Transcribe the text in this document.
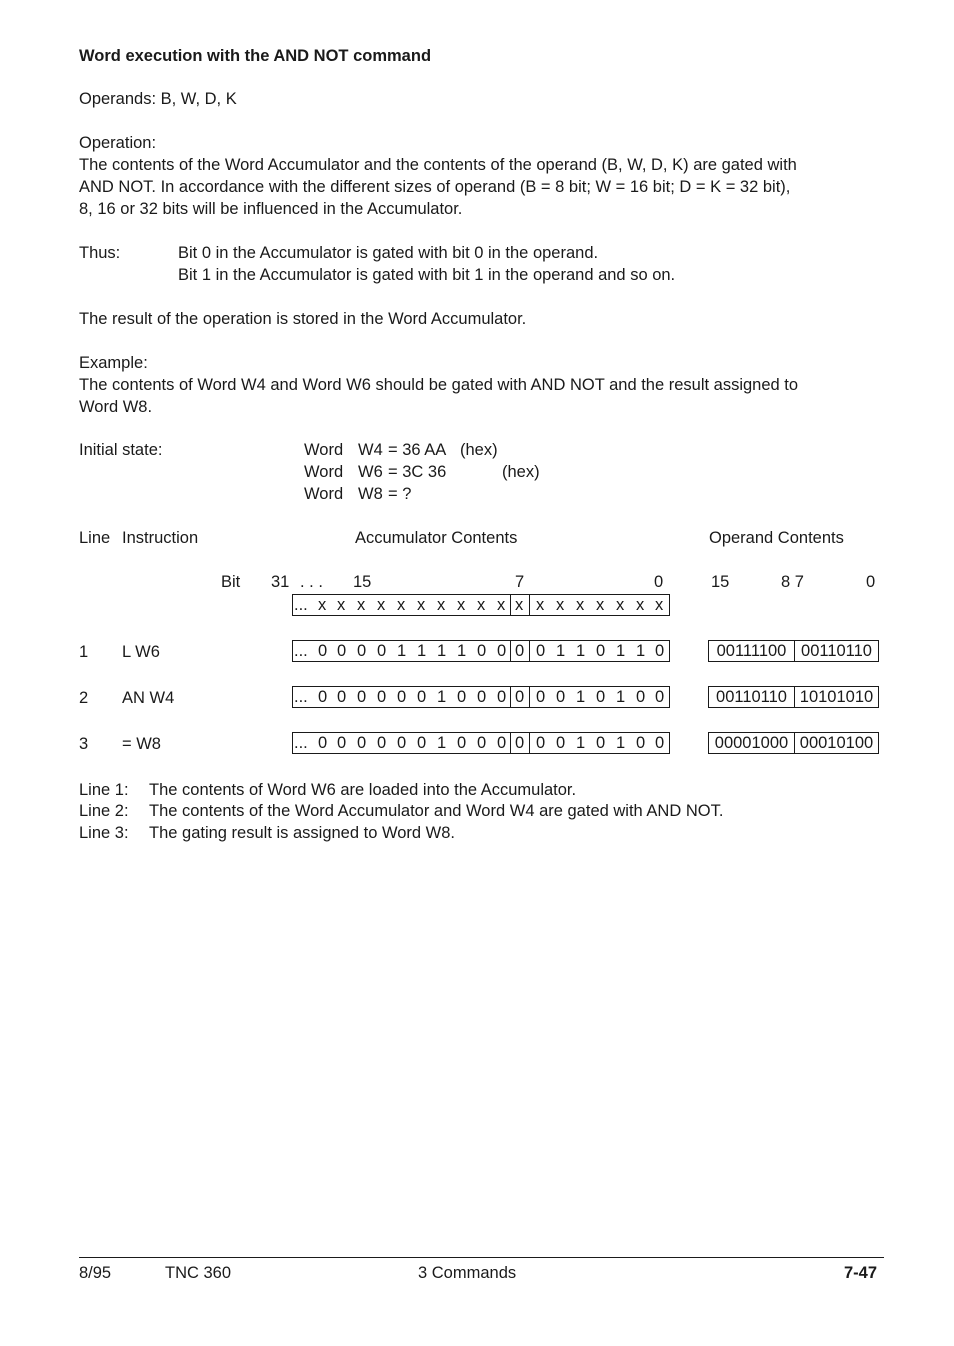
Word execution with the AND NOT command
Operands: B, W, D, K
Operation:
The contents of the Word Accumulator and the contents of the operand (B, W, D, K) are gated with
AND NOT. In accordance with the different sizes of operand (B = 8 bit; W = 16 bit; D = K = 32 bit),
8, 16 or 32 bits will be influenced in the Accumulator.
Thus:	Bit 0 in the Accumulator is gated with bit 0 in the operand.
Bit 1 in the Accumulator is gated with bit 1 in the operand and so on.
The result of the operation is stored in the Word Accumulator.
Example:
The contents of Word W4 and Word W6 should be gated with AND NOT and the result assigned to
Word W8.
Initial state:	Word W4 = 36 AA (hex)
Word W6 = 3C 36	(hex)
Word W8 = ?
Line Instruction	Accumulator Contents	Operand Contents
Bit 31 . . . 15	7	0	15	8 7	0
... x x x x x x x x x x x x x x x x x x
1 L W6	... 0 0 0 0 1 1 1 1 0 0 0 0 1 1 0 1 1 0	00111100 00110110
2 AN W4	... 0 0 0 0 0 0 1 0 0 0 0 0 0 1 0 1 0 0	00110110 10101010
3 = W8	... 0 0 0 0 0 0 1 0 0 0 0 0 0 1 0 1 0 0	00001000 00010100
Line 1: The contents of Word W6 are loaded into the Accumulator.
Line 2: The contents of the Word Accumulator and Word W4 are gated with AND NOT.
Line 3: The gating result is assigned to Word W8.
8/95	TNC 360	3 Commands	7-47
